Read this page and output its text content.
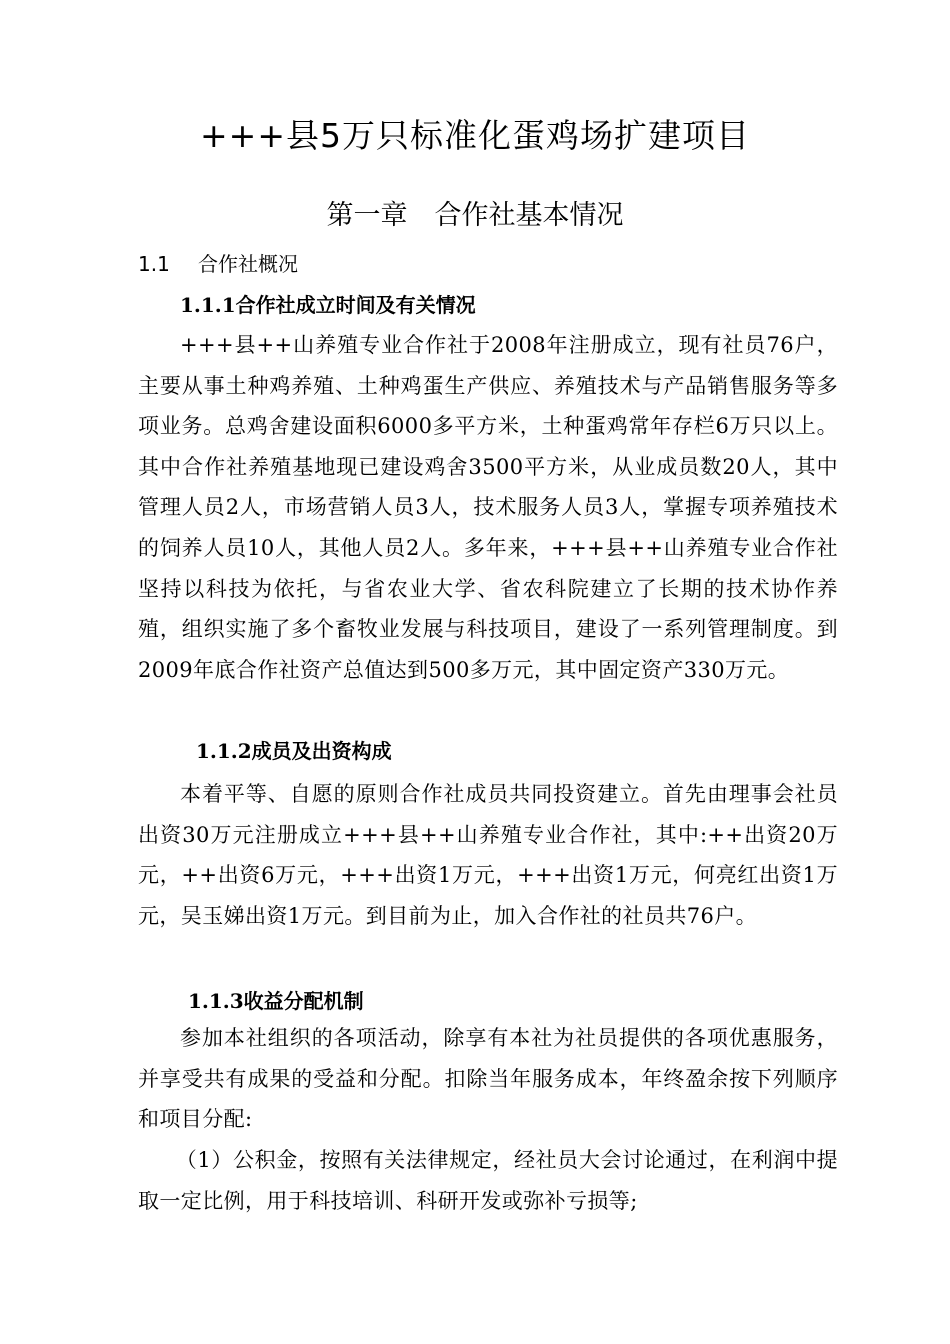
+++县5万只标准化蛋鸡场扩建项目
第一章　合作社基本情况
1.1 合作社概况
1.1.1合作社成立时间及有关情况
+++县++山养殖专业合作社于2008年注册成立，现有社员76户，主要从事土种鸡养殖、土种鸡蛋生产供应、养殖技术与产品销售服务等多项业务。总鸡舍建设面积6000多平方米，土种蛋鸡常年存栏6万只以上。其中合作社养殖基地现已建设鸡舍3500平方米，从业成员数20人，其中管理人员2人，市场营销人员3人，技术服务人员3人，掌握专项养殖技术的饲养人员10人，其他人员2人。多年来，+++县++山养殖专业合作社坚持以科技为依托，与省农业大学、省农科院建立了长期的技术协作养殖，组织实施了多个畜牧业发展与科技项目，建设了一系列管理制度。到2009年底合作社资产总值达到500多万元，其中固定资产330万元。
1.1.2成员及出资构成
本着平等、自愿的原则合作社成员共同投资建立。首先由理事会社员出资30万元注册成立+++县++山养殖专业合作社，其中:++出资20万元，++出资6万元，+++出资1万元，+++出资1万元，何亮红出资1万元，吴玉娣出资1万元。到目前为止，加入合作社的社员共76户。
1.1.3收益分配机制
参加本社组织的各项活动，除享有本社为社员提供的各项优惠服务，并享受共有成果的受益和分配。扣除当年服务成本，年终盈余按下列顺序和项目分配:
（1）公积金，按照有关法律规定，经社员大会讨论通过，在利润中提取一定比例，用于科技培训、科研开发或弥补亏损等;
